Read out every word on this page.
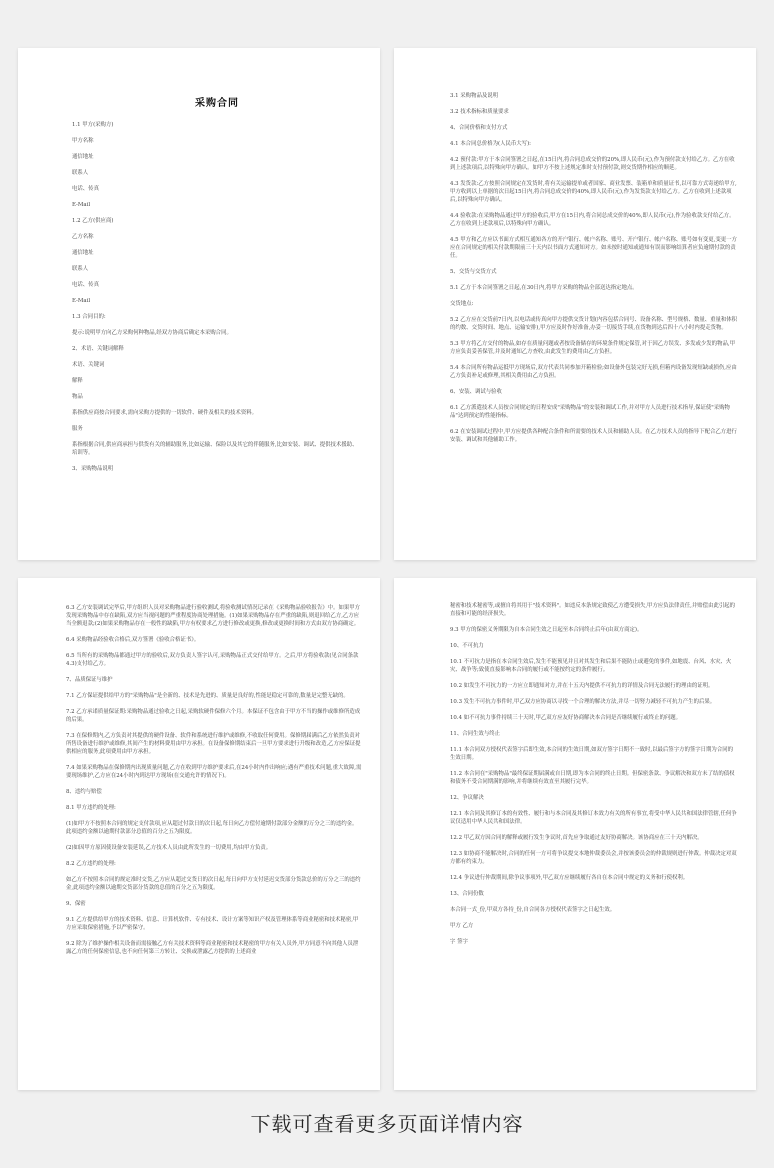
采购合同
1.1 甲方(采购方)
甲方名称
通信地址
联系人
电话、传真
E-Mail
1.2 乙方(供应商)
乙方名称
通信地址
联系人
电话、传真
E-Mail
1.3 合同目的:
提示:说明甲方向乙方采购何种物品,经双方协商后确定本采购合同。
2、术语、关键词解释
术语、关键词
解释
物品
系指供应商按合同要求,需向采购方提供的一切软件、硬件及相关的技术资料。
服务
系指根据合同,供应商承担与供货有关的辅助服务,比如运输、保险以及其它的伴随服务,比如安装、调试、提供技术援助、培训等。
3、采购物品说明
3.1 采购物品及说明
3.2 技术指标和质量要求
4、合同价格和支付方式
4.1 本合同总价格为(人民币大写):
4.2 预付款:甲方于本合同签署之日起,在15日内,将合同总成交价的20%,即人民币(元),作为预付款支付给乙方。乙方在收到上述款项后,以特殊向甲方确认。如甲方不按上述规定准时支付预付款,则交货期作相应的顺延。
4.3 发货款:乙方按照合同规定在发货时,将有关运输提单或者国家、商业发票、装箱单和质量证书,以可靠方式寄递给甲方,甲方收到以上单据的次日起15日内,将合同总成交价的40%,即人民币(元),作为发货款支付给乙方。乙方在收到上述款项后,以特殊向甲方确认。
4.4 验收款:在采购物品通过甲方的验收后,甲方在15日内,将合同总成交价的40%,即人民币(元),作为验收款支付给乙方。乙方在收到上述款项后,以特殊向甲方确认。
4.5 甲方和乙方应以书面方式相互通知各方的开户银行、帐户名称、账号、开户银行、帐户名称、账号如有变更,变更一方应在合同规定的相关付款期限前三十天内以书面方式通知对方。如未按时通知或通知有误而影响结算者应负逾期付款的责任。
5、交货与交货方式
5.1 乙方于本合同签署之日起,在30日内,将甲方采购的物品全部送达指定地点。
交货地点:
5.2 乙方应在交货前7日内,以电话或传真向甲方提供交货计划(内容包括合同号、设备名称、型号规格、数量、重量和体积的约数、交货时间、地点、运输安排),甲方应及时作好准备,办妥一切接货手续,在货物到达后四十八小时内提走货物。
5.3 甲方将乙方交付的物品,如存在质量问题或者按设备储存的环境条件规定保管,对于因乙方误发、多发或少发的物品,甲方应负责妥善保管,并及时通知乙方查收,由此发生的费用由乙方负担。
5.4 本合同所有物品运抵甲方现场后,双方代表共同参加开箱检验;如设备外包装完好无损,但箱内设备发现短缺或损伤,应由乙方负责补足或修理,其相关费用由乙方负担。
6、安装、调试与验收
6.1 乙方派遣技术人员按合同规定的日程安成"采购物品"的安装和调试工作,并对甲方人员进行技术指导,保证使"采购物品"达到预定的性能指标。
6.2 在安装调试过程中,甲方应提供各种配合条件和所需要的技术人员和辅助人员。在乙方技术人员的指导下配合乙方进行安装、调试和其他辅助工作。
6.3 乙方安装调试完毕后,甲方组织人员对采购物品进行验收测试,将验收测试情况记录在《采购物品验收报告》中。如果甲方发现采购物品中存在缺陷,双方应当视问题的严重程度协商处理措施。(1)如果采购物品存在严重的缺陷,则退回给乙方,乙方应当全额退款;(2)如果采购物品存在一般性的缺陷,甲方有权要求乙方进行修改或更换,修改或更换时间和方式由双方协商确定。
6.4 采购物品经验收合格后,双方签署《验收合格证书》。
6.5 当所有的采购物品都通过甲方的验收后,双方负责人签字认可,采购物品正式交付给甲方。之后,甲方将验收款(见合同条款4.3)支付给乙方。
7、品质保证与维护
7.1 乙方保证提供给甲方的"采购物品"是全新的、技术是先进的、质量是良好的,性能是稳定可靠的,数量是完整无缺的。
7.2 乙方承诺质量保证期:采购物品通过验收之日起,采购软硬件保修六个月。本保证不包含由于甲方不当的操作或维修所造成的后果。
7.3 在保修期内,乙方负责对其提供的硬件设备、软件和系统进行维护或维修,不收取任何费用。保修期届满后乙方依然负责对所售设备进行维护或维修,其间产生的材料费用由甲方承担。在设备保修期结束后一旦甲方要求进行升级和改造,乙方应保证提供相应的服务,此项费用由甲方承担。
7.4 如果采购物品在保修期内出现质量问题,乙方在收到甲方维护要求后,在24小时内作出响应;遇有严重技术问题,重大故障,需要现场维护,乙方应在24小时内到达甲方现场(在交通允许的情况下)。
8、违约与赔偿
8.1 甲方违约的处理:
(1)如甲方不按照本合同的规定支付款项,应从超过付款日的次日起,每日向乙方偿付逾期付款部分金额的万分之三的违约金。此项违约金额以逾期付款部分总值的百分之五为限度。
(2)如因甲方原因使设备安装延误,乙方技术人员由此所发生的一切费用,均由甲方负责。
8.2 乙方违约的处理:
如乙方不按照本合同的规定准时交货,乙方应从超过交货日的次日起,每日向甲方支付延迟交货部分货款总价的万分之三的违约金,此项违约金额以逾期交货部分货款的总值的百分之五为限度。
9、保密
9.1 乙方提供给甲方的技术资料、信息、计算机软件、专有技术、设计方案等知识产权及管理体系等商业秘密和技术秘密,甲方应采取保密措施,予以严密保守。
9.2 除为了维护操作相关设备而需接触乙方有关技术资料等商业秘密和技术秘密的甲方有关人员外,甲方同意不向其他人员泄露乙方的任何保密信息,也不向任何第三方转让、交换或泄露乙方提供的上述商业
秘密和技术秘密等,或擅自将其用于"技术资料"。如违反本条规定致使乙方遭受损失,甲方应负法律责任,并赔偿由此引起的直接和可能的经济损失。
9.3 甲方的保密义务期限为自本合同生效之日起至本合同终止后年(由双方商定)。
10、不可抗力
10.1 不可抗力是指在本合同生效后,发生不能预见并且对其发生和后果不能防止或避免的事件,如地震、台风、水灾、火灾、战争等;致使直接影响本合同的履行或不能按约定的条件履行。
10.2 如发生不可抗力的一方应立即通知对方,并在十五天内提供不可抗力的详情及合同无法履行的理由的证明。
10.3 发生不可抗力事件时,甲乙双方应协商以寻找一个合理的解决方法,并尽一切努力减轻不可抗力产生的后果。
10.4 如不可抗力事件持续三十天时,甲乙双方应友好协商解决本合同是否继续履行或终止的问题。
11、合同生效与终止
11.1 本合同双方授权代表签字后即生效,本合同的生效日期,如双方签字日期不一致时,以最后签字方的签字日期为合同的生效日期。
11.2 本合同在"采购物品"最终保证期届满或自日期,即为本合同的终止日期。但保密条款、争议解决和双方未了结的债权和债务不受合同期满的影响,并将继续有效直至其履行完毕。
12、争议解决
12.1 本合同及其修订本的有效性、履行和与本合同及其修订本效力有关的所有事宜,将受中华人民共和国法律管辖,任何争议仅适用中华人民共和国法律。
12.2 甲乙双方因合同的解释或履行发生争议时,首先应争取通过友好协商解决。该协商应在三十天内解决。
12.3 如协商不能解决时,合同的任何一方可将争议提交本地仲裁委员会,并按该委员会的仲裁规则进行仲裁。仲裁决定对双方都有约束力。
12.4 争议进行仲裁期间,除争议事项外,甲乙双方应继续履行各自在本合同中规定的义务和行使权利。
13、合同份数
本合同一式_份,甲双方各持_份,自合同各方授权代表签字之日起生效。
甲方 乙方
字 签字
下载可查看更多页面详情内容
